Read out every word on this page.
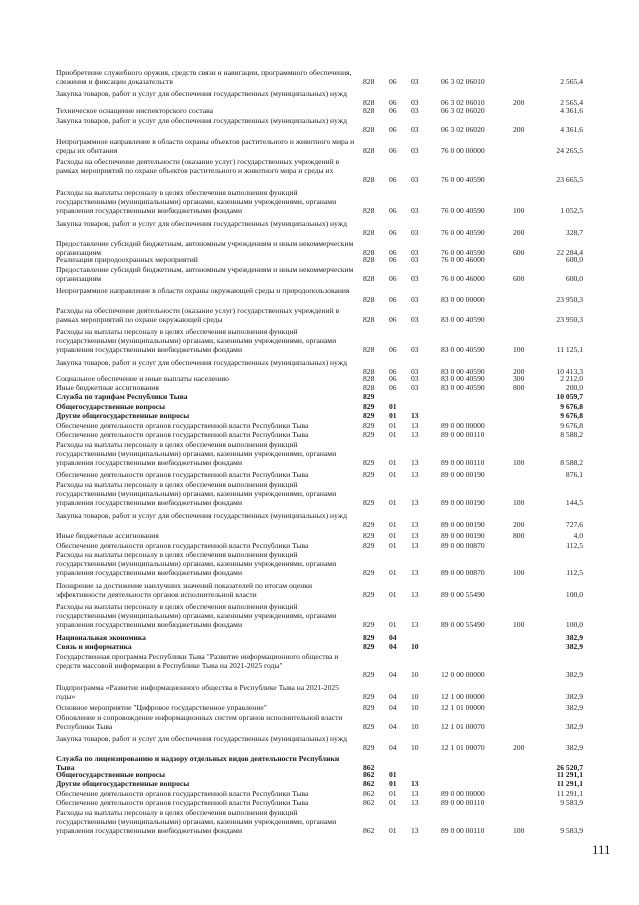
Приобретение служебного оружия, средств связи и навигации, программного обеспечения, слежения и фиксации доказательств	828 06 03	06 3 02 06010	2 565,4
Закупка товаров, работ и услуг для обеспечения государственных (муниципальных) нужд
828 06 03	06 3 02 06010	200	2 565,4
Техническое оснащение инспекторского состава	828 06 03	06 3 02 06020	4 361,6
Закупка товаров, работ и услуг для обеспечения государственных (муниципальных) нужд
828 06 03	06 3 02 06020	200	4 361,6
Непрограммное направление в области охраны объектов растительного и животного мира и среды их обитания	828 06 03	76 0 00 00000	24 265,5
Расходы на обеспечение деятельности (оказание услуг) государственных учреждений в рамках мероприятий по охране объектов растительного и животного мира и среды их
828 06 03	76 0 00 40590	23 665,5
Расходы на выплаты персоналу в целях обеспечения выполнения функций государственными (муниципальными) органами, казенными учреждениями, органами управления государственными внебюджетными фондами	828 06 03	76 0 00 40590	100	1 052,5
Закупка товаров, работ и услуг для обеспечения государственных (муниципальных) нужд
828 06 03	76 0 00 40590	200	328,7
Предоставление субсидий бюджетным, автономным учреждениям и иным некоммерческим организациям	828 06 03	76 0 00 40590	600	22 284,4
Реализация природоохранных мероприятий	828 06 03	76 0 00 46000	600,0
Предоставление субсидий бюджетным, автономным учреждениям и иным некоммерческим организациям	828 06 03	76 0 00 46000	600	600,0
Непрограммное направление в области охраны окружающей среды и природопользования
828 06 03	83 0 00 00000	23 950,3
Расходы на обеспечение деятельности (оказание услуг) государственных учреждений в рамках мероприятий по охране окружающей среды	828 06 03	83 0 00 40590	23 950,3
Расходы на выплаты персоналу в целях обеспечения выполнения функций государственными (муниципальными) органами, казенными учреждениями, органами управления государственными внебюджетными фондами	828 06 03	83 0 00 40590	100	11 125,1
Закупка товаров, работ и услуг для обеспечения государственных (муниципальных) нужд
828 06 03	83 0 00 40590	200	10 413,3
Социальное обеспечение и иные выплаты населению	828 06 03	83 0 00 40590	300	2 212,0
Иные бюджетные ассигнования	828 06 03	83 0 00 40590	800	200,0
Служба по тарифам Республики Тыва	829	10 059,7
Общегосударственные вопросы	829 01	9 676,8
Другие общегосударственные вопросы	829 01 13	9 676,8
Обеспечение деятельности органов государственной власти Республики Тыва	829 01 13	89 0 00 00000	9 676,8
Обеспечение деятельности органов государственной власти Республики Тыва	829 01 13	89 0 00 00110	8 588,2
Расходы на выплаты персоналу в целях обеспечения выполнения функций государственными (муниципальными) органами, казенными учреждениями, органами управления государственными внебюджетными фондами	829 01 13	89 0 00 00110	100	8 588,2
Обеспечение деятельности органов государственной власти Республики Тыва	829 01 13	89 0 00 00190	876,1
Расходы на выплаты персоналу в целях обеспечения выполнения функций государственными (муниципальными) органами, казенными учреждениями, органами управления государственными внебюджетными фондами	829 01 13	89 0 00 00190	100	144,5
Закупка товаров, работ и услуг для обеспечения государственных (муниципальных) нужд
829 01 13	89 0 00 00190	200	727,6
Иные бюджетные ассигнования	829 01 13	89 0 00 00190	800	4,0
Обеспечение деятельности органов государственной власти Республики Тыва	829 01 13	89 0 00 00870	112,5
Расходы на выплаты персоналу в целях обеспечения выполнения функций государственными (муниципальными) органами, казенными учреждениями, органами управления государственными внебюджетными фондами	829 01 13	89 0 00 00870	100	112,5
Поощрение за достижение наилучших значений показателей по итогам оценки эффективности деятельности органов исполнительной власти	829 01 13	89 0 00 55490	100,0
Расходы на выплаты персоналу в целях обеспечения выполнения функций государственными (муниципальными) органами, казенными учреждениями, органами управления государственными внебюджетными фондами	829 01 13	89 0 00 55490	100	100,0
Национальная экономика	829 04	382,9
Связь и информатика	829 04 10	382,9
Государственная программа Республики Тыва "Развитие информационного общества и средств массовой информации в Республике Тыва на 2021-2025 годы"
829 04 10	12 0 00 00000	382,9
Подпрограмма «Развитие информационного общества в Республике Тыва на 2021-2025 годы»	829 04 10	12 1 00 00000	382,9
Основное мероприятие "Цифровое государственное управление"	829 04 10	12 1 01 00000	382,9
Обновление и сопровождение информационных систем органов исполнительной власти Республики Тыва	829 04 10	12 1 01 00070	382,9
Закупка товаров, работ и услуг для обеспечения государственных (муниципальных) нужд
829 04 10	12 1 01 00070	200	382,9
Служба по лицензированию и надзору отдельных видов деятельности Республики Тыва	862	26 520,7
Общегосударственные вопросы	862 01	11 291,1
Другие общегосударственные вопросы	862 01 13	11 291,1
Обеспечение деятельности органов государственной власти Республики Тыва	862 01 13	89 0 00 00000	11 291,1
Обеспечение деятельности органов государственной власти Республики Тыва	862 01 13	89 0 00 00110	9 583,9
Расходы на выплаты персоналу в целях обеспечения выполнения функций государственными (муниципальными) органами, казенными учреждениями, органами управления государственными внебюджетными фондами	862 01 13	89 0 00 00110	100	9 583,9
111
